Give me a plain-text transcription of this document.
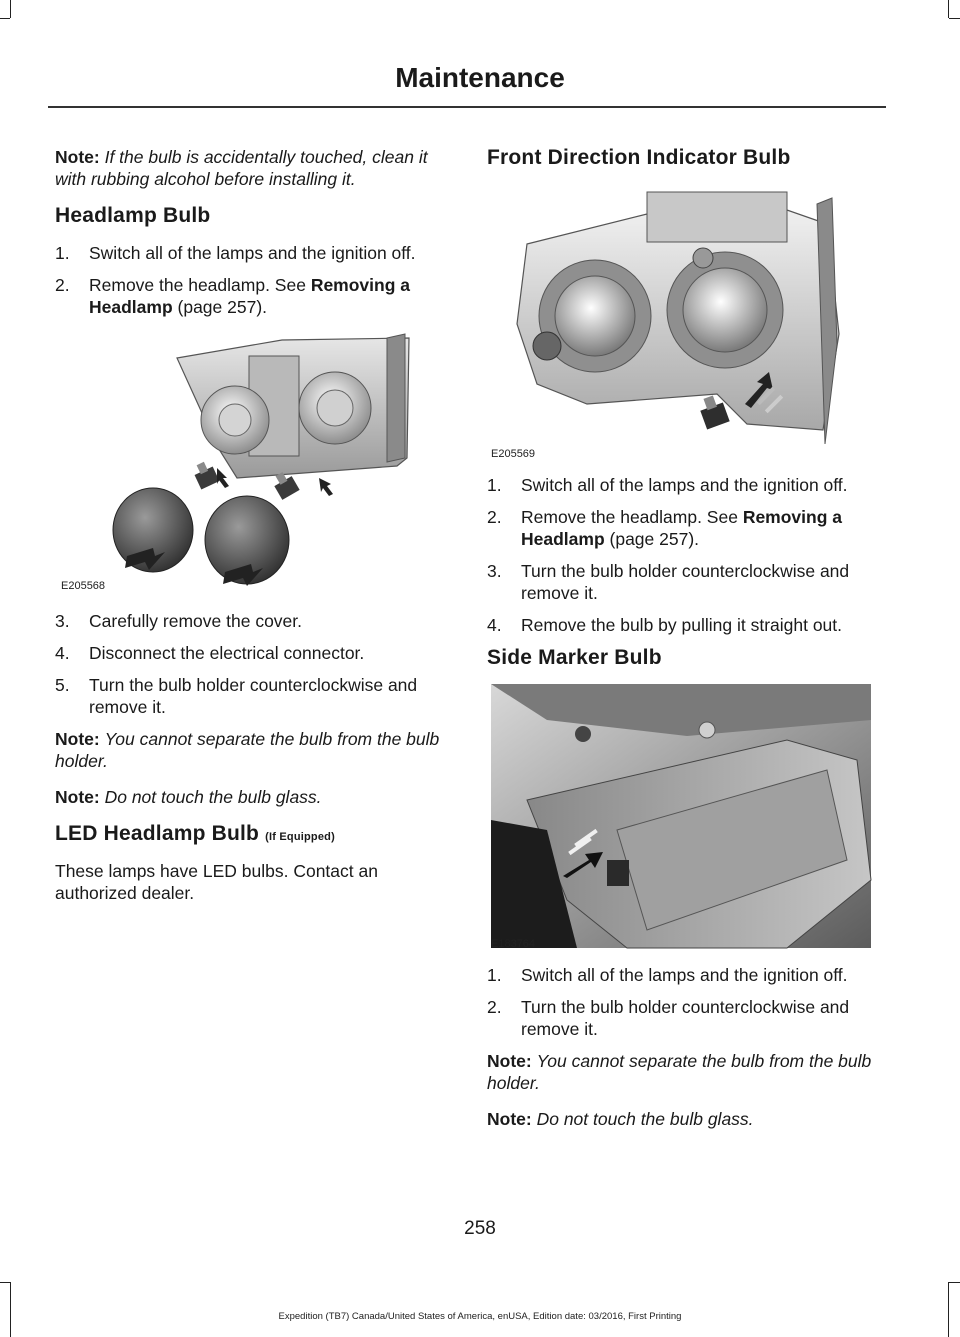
Maintenance

Note: If the bulb is accidentally touched, clean it with rubbing alcohol before installing it.

Headlamp Bulb
1. Switch all of the lamps and the ignition off.
2. Remove the headlamp. See Removing a Headlamp (page 257).
E205568
3. Carefully remove the cover.
4. Disconnect the electrical connector.
5. Turn the bulb holder counterclockwise and remove it.

Note: You cannot separate the bulb from the bulb holder.

Note: Do not touch the bulb glass.

LED Headlamp Bulb (If Equipped)

These lamps have LED bulbs. Contact an authorized dealer.

Front Direction Indicator Bulb
E205569
1. Switch all of the lamps and the ignition off.
2. Remove the headlamp. See Removing a Headlamp (page 257).
3. Turn the bulb holder counterclockwise and remove it.
4. Remove the bulb by pulling it straight out.
Side Marker Bulb
E183764
1. Switch all of the lamps and the ignition off.
2. Turn the bulb holder counterclockwise and remove it.

Note: You cannot separate the bulb from the bulb holder.

Note: Do not touch the bulb glass.

258
Expedition (TB7) Canada/United States of America, enUSA, Edition date: 03/2016, First Printing
